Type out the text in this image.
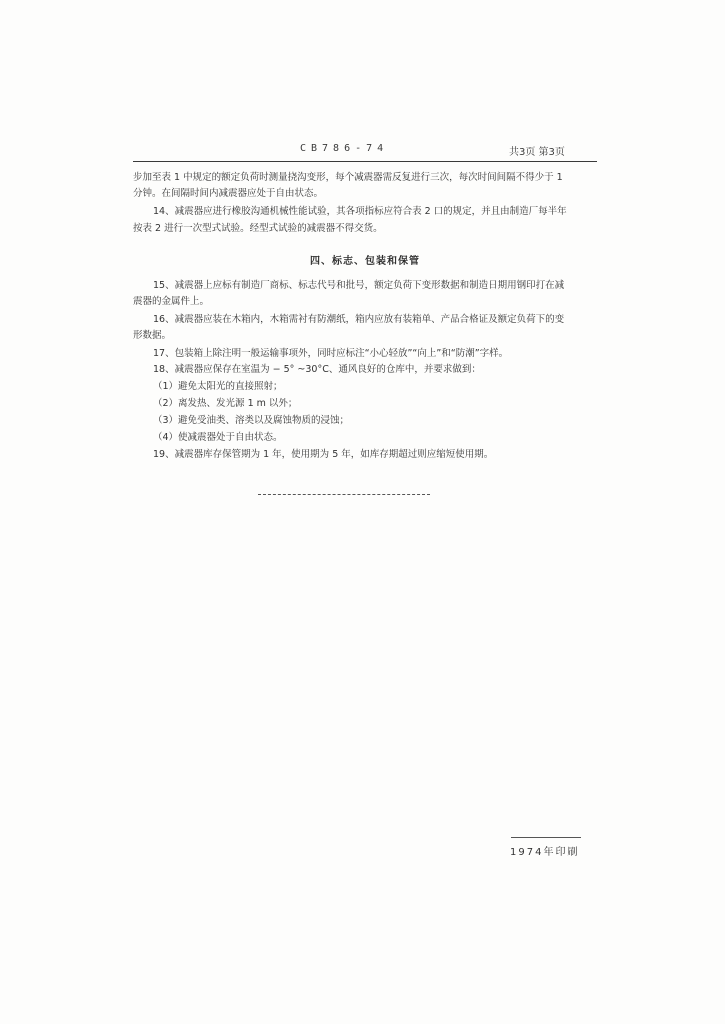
CB786-74	共3页 第3页
步加至表 1 中规定的额定负荷时测量挠沟变形，每个减震器需反复进行三次，每次时间间隔不得少于 1
分钟。在间隔时间内减震器应处于自由状态。
14、减震器应进行橡胶沟通机械性能试验，其各项指标应符合表 2 口的规定，并且由制造厂每半年
按表 2 进行一次型式试验。经型式试验的减震器不得交货。
四、标志、包装和保管
15、减震器上应标有制造厂商标、标志代号和批号，额定负荷下变形数据和制造日期用钢印打在减
震器的金属件上。
16、减震器应装在木箱内，木箱需衬有防潮纸，箱内应放有装箱单、产品合格证及额定负荷下的变
形数据。
17、包装箱上除注明一般运输事项外，同时应标注“小心轻放”“向上”和“防潮”字样。
18、减震器应保存在室温为 − 5° ~30°C、通风良好的仓库中，并要求做到：
（1）避免太阳光的直接照射；
（2）离发热、发光源 1 m 以外；
（3）避免受油类、溶类以及腐蚀物质的浸蚀；
（4）使减震器处于自由状态。
19、减震器库存保管期为 1 年，使用期为 5 年，如库存期超过则应缩短使用期。
1974年印刷
